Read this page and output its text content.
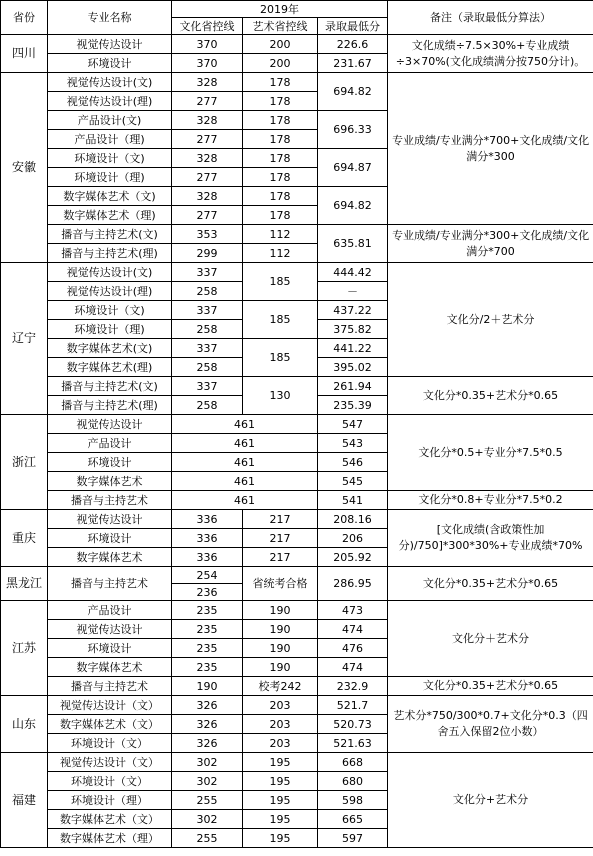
省份	专业名称	2019年			备注（录取最低分算法）
		文化省控线	艺术省控线	录取最低分	
四川	视觉传达设计	370	200	226.6	文化成绩÷7.5×30%+专业成绩÷3×70%(文化成绩满分按750分计)。
	环境设计	370	200	231.67	
安徽	视觉传达设计(文)	328	178	694.82	专业成绩/专业满分*700+文化成绩/文化满分*300
	视觉传达设计(理)	277	178		
	产品设计(文)	328	178	696.33	
	产品设计（理)	277	178		
	环境设计（文)	328	178	694.87	
	环境设计（理)	277	178		
	数字媒体艺术（文)	328	178	694.82	
	数字媒体艺术（理)	277	178		
	播音与主持艺术(文)	353	112	635.81	专业成绩/专业满分*300+文化成绩/文化满分*700
	播音与主持艺术(理)	299	112		
辽宁	视觉传达设计(文)	337	185	444.42	文化分/2＋艺术分
	视觉传达设计(理)	258		－	
	环境设计（文)	337	185	437.22	
	环境设计（理)	258		375.82	
	数字媒体艺术(文)	337	185	441.22	
	数字媒体艺术(理)	258		395.02	
	播音与主持艺术(文)	337	130	261.94	文化分*0.35+艺术分*0.65
	播音与主持艺术(理)	258		235.39	
浙江	视觉传达设计	461		547	文化分*0.5+专业分*7.5*0.5
	产品设计	461		543	
	环境设计	461		546	
	数字媒体艺术	461		545	
	播音与主持艺术	461		541	文化分*0.8+专业分*7.5*0.2
重庆	视觉传达设计	336	217	208.16	[文化成绩(含政策性加分)/750]*300*30%+专业成绩*70%
	环境设计	336	217	206	
	数字媒体艺术	336	217	205.92	
黑龙江	播音与主持艺术	254	省统考合格	286.95	文化分*0.35+艺术分*0.65
		236			
江苏	产品设计	235	190	473	文化分＋艺术分
	视觉传达设计	235	190	474	
	环境设计	235	190	476	
	数字媒体艺术	235	190	474	
	播音与主持艺术	190	校考242	232.9	文化分*0.35+艺术分*0.65
山东	视觉传达设计（文）	326	203	521.7	艺术分*750/300*0.7+文化分*0.3（四舍五入保留2位小数）
	数字媒体艺术（文）	326	203	520.73	
	环境设计（文）	326	203	521.63	
福建	视觉传达设计（文）	302	195	668	文化分+艺术分
	环境设计（文）	302	195	680	
	环境设计（理）	255	195	598	
	数字媒体艺术（文）	302	195	665	
	数字媒体艺术（理）	255	195	597	
